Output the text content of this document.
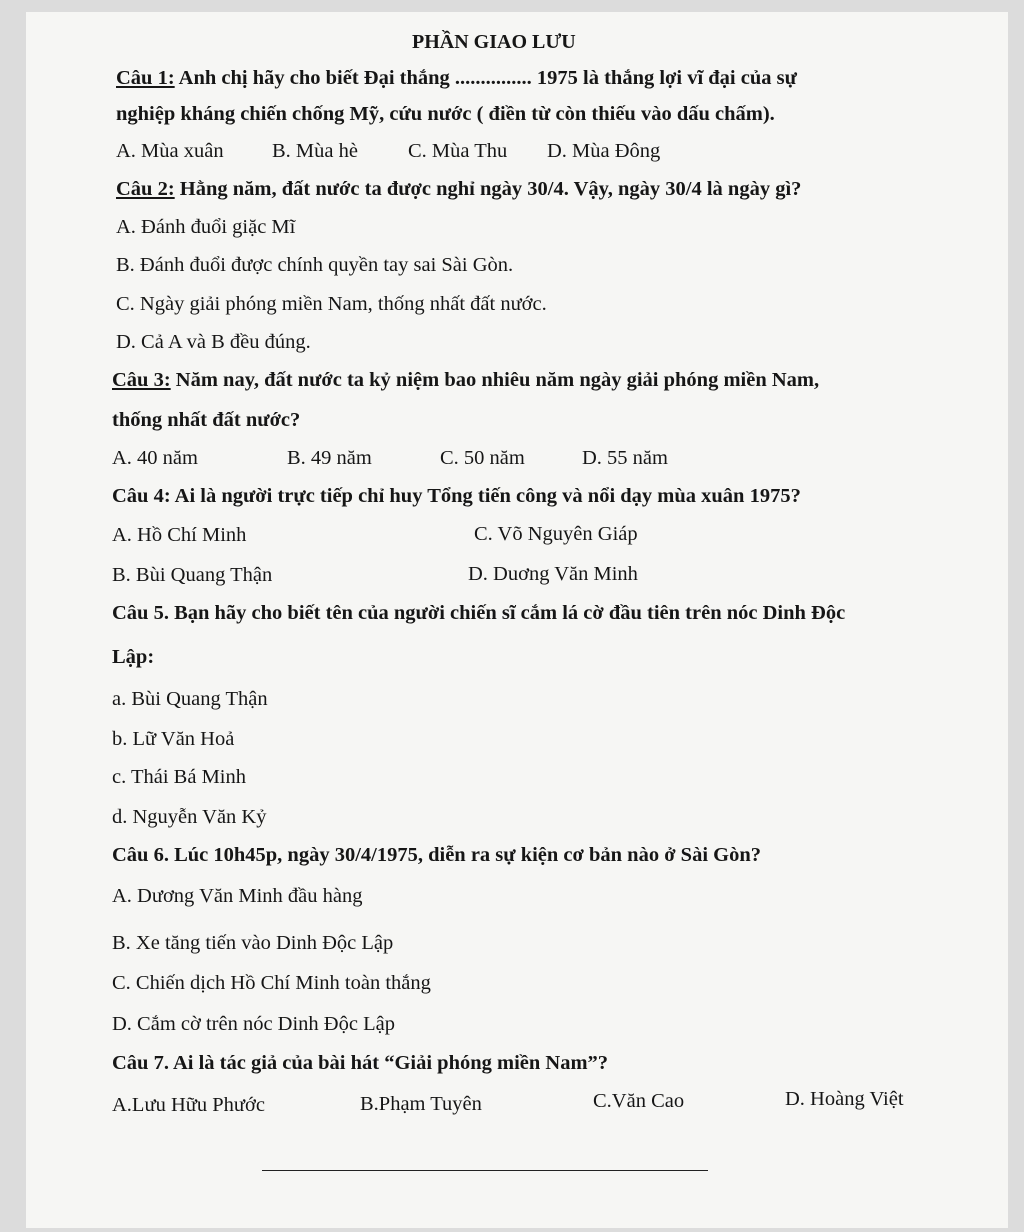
PHẦN GIAO LƯU
Câu 1: Anh chị hãy cho biết Đại thắng ............... 1975 là thắng lợi vĩ đại của sự
nghiệp kháng chiến chống Mỹ, cứu nước ( điền từ còn thiếu vào dấu chấm).
A. Mùa xuân B. Mùa hè C. Mùa Thu D. Mùa Đông
Câu 2: Hằng năm, đất nước ta được nghỉ ngày 30/4. Vậy, ngày 30/4 là ngày gì?
A. Đánh đuổi giặc Mĩ
B. Đánh đuổi được chính quyền tay sai Sài Gòn.
C. Ngày giải phóng miền Nam, thống nhất đất nước.
D. Cả A và B đều đúng.
Câu 3: Năm nay, đất nước ta kỷ niệm bao nhiêu năm ngày giải phóng miền Nam,
thống nhất đất nước?
A. 40 năm	B. 49 năm	C. 50 năm	D. 55 năm
Câu 4: Ai là người trực tiếp chỉ huy Tổng tiến công và nổi dạy mùa xuân 1975?
A. Hồ Chí Minh	C. Võ Nguyên Giáp
B. Bùi Quang Thận	D. Duơng Văn Minh
Câu 5. Bạn hãy cho biết tên của người chiến sĩ cắm lá cờ đầu tiên trên nóc Dinh Độc
Lập:
a. Bùi Quang Thận
b. Lữ Văn Hoả
c. Thái Bá Minh
d. Nguyễn Văn Kỷ
Câu 6. Lúc 10h45p, ngày 30/4/1975, diễn ra sự kiện cơ bản nào ở Sài Gòn?
A. Dương Văn Minh đầu hàng
B. Xe tăng tiến vào Dinh Độc Lập
C. Chiến dịch Hồ Chí Minh toàn thắng
D. Cắm cờ trên nóc Dinh Độc Lập
Câu 7. Ai là tác giả của bài hát “Giải phóng miền Nam”?
A.Lưu Hữu Phước	B.Phạm Tuyên	C.Văn Cao	D. Hoàng Việt
